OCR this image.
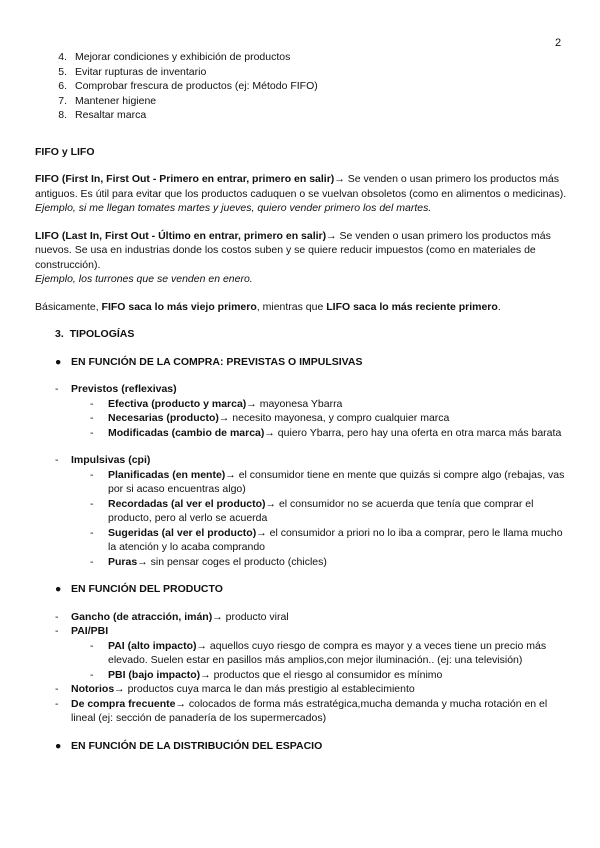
2
4. Mejorar condiciones y exhibición de productos
5. Evitar rupturas de inventario
6. Comprobar frescura de productos (ej: Método FIFO)
7. Mantener higiene
8. Resaltar marca

FIFO y LIFO

FIFO (First In, First Out - Primero en entrar, primero en salir)→ Se venden o usan primero los productos más antiguos. Es útil para evitar que los productos caduquen o se vuelvan obsoletos (como en alimentos o medicinas).

Ejemplo, si me llegan tomates martes y jueves, quiero vender primero los del martes.

LIFO (Last In, First Out - Último en entrar, primero en salir)→ Se venden o usan primero los productos más nuevos. Se usa en industrias donde los costos suben y se quiere reducir impuestos (como en materiales de construcción).

Ejemplo, los turrones que se venden en enero.

Básicamente, FIFO saca lo más viejo primero, mientras que LIFO saca lo más reciente primero.

3. TIPOLOGÍAS

● EN FUNCIÓN DE LA COMPRA: PREVISTAS O IMPULSIVAS
- Previstos (reflexivas)
- Efectiva (producto y marca)→ mayonesa Ybarra
- Necesarias (producto)→ necesito mayonesa, y compro cualquier marca
- Modificadas (cambio de marca)→ quiero Ybarra, pero hay una oferta en otra marca más barata
- Impulsivas (cpi)
- Planificadas (en mente)→ el consumidor tiene en mente que quizás si compre algo (rebajas, vas por si acaso encuentras algo)
- Recordadas (al ver el producto)→ el consumidor no se acuerda que tenía que comprar el producto, pero al verlo se acuerda
- Sugeridas (al ver el producto)→ el consumidor a priori no lo iba a comprar, pero le llama mucho la atención y lo acaba comprando
- Puras→ sin pensar coges el producto (chicles)
● EN FUNCIÓN DEL PRODUCTO
- Gancho (de atracción, imán)→ producto viral
- PAI/PBI
- PAI (alto impacto)→ aquellos cuyo riesgo de compra es mayor y a veces tiene un precio más elevado. Suelen estar en pasillos más amplios,con mejor iluminación.. (ej: una televisión)
- PBI (bajo impacto)→ productos que el riesgo al consumidor es mínimo
- Notorios→ productos cuya marca le dan más prestigio al establecimiento
- De compra frecuente→ colocados de forma más estratégica,mucha demanda y mucha rotación en el lineal (ej: sección de panadería de los supermercados)
● EN FUNCIÓN DE LA DISTRIBUCIÓN DEL ESPACIO
